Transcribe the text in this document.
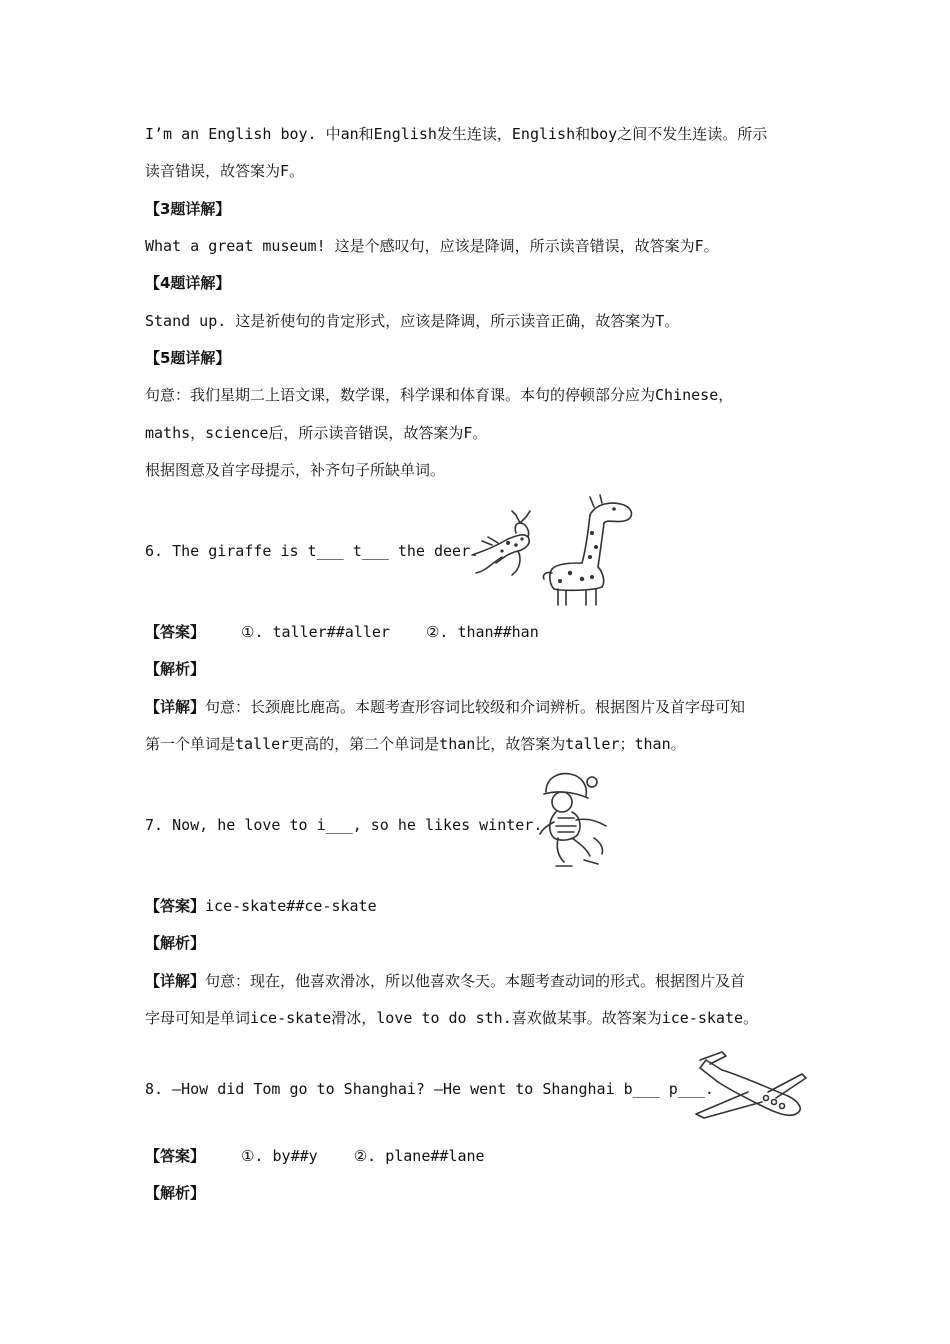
I’m an English boy. 中an和English发生连读，English和boy之间不发生连读。所示
读音错误，故答案为F。
【3题详解】
What a great museum! 这是个感叹句，应该是降调，所示读音错误，故答案为F。
【4题详解】
Stand up. 这是祈使句的肯定形式，应该是降调，所示读音正确，故答案为T。
【5题详解】
句意：我们星期二上语文课，数学课，科学课和体育课。本句的停顿部分应为Chinese，
maths，science后，所示读音错误，故答案为F。
根据图意及首字母提示，补齐句子所缺单词。
6. The giraffe is t___ t___ the deer.
【答案】 ①. taller##aller ②. than##han
【解析】
【详解】句意：长颈鹿比鹿高。本题考查形容词比较级和介词辨析。根据图片及首字母可知
第一个单词是taller更高的，第二个单词是than比，故答案为taller；than。
7. Now, he love to i___, so he likes winter.
【答案】ice-skate##ce-skate
【解析】
【详解】句意：现在，他喜欢滑冰，所以他喜欢冬天。本题考查动词的形式。根据图片及首
字母可知是单词ice-skate滑冰，love to do sth.喜欢做某事。故答案为ice-skate。
8. —How did Tom go to Shanghai? —He went to Shanghai b___ p___.
【答案】 ①. by##y ②. plane##lane
【解析】
